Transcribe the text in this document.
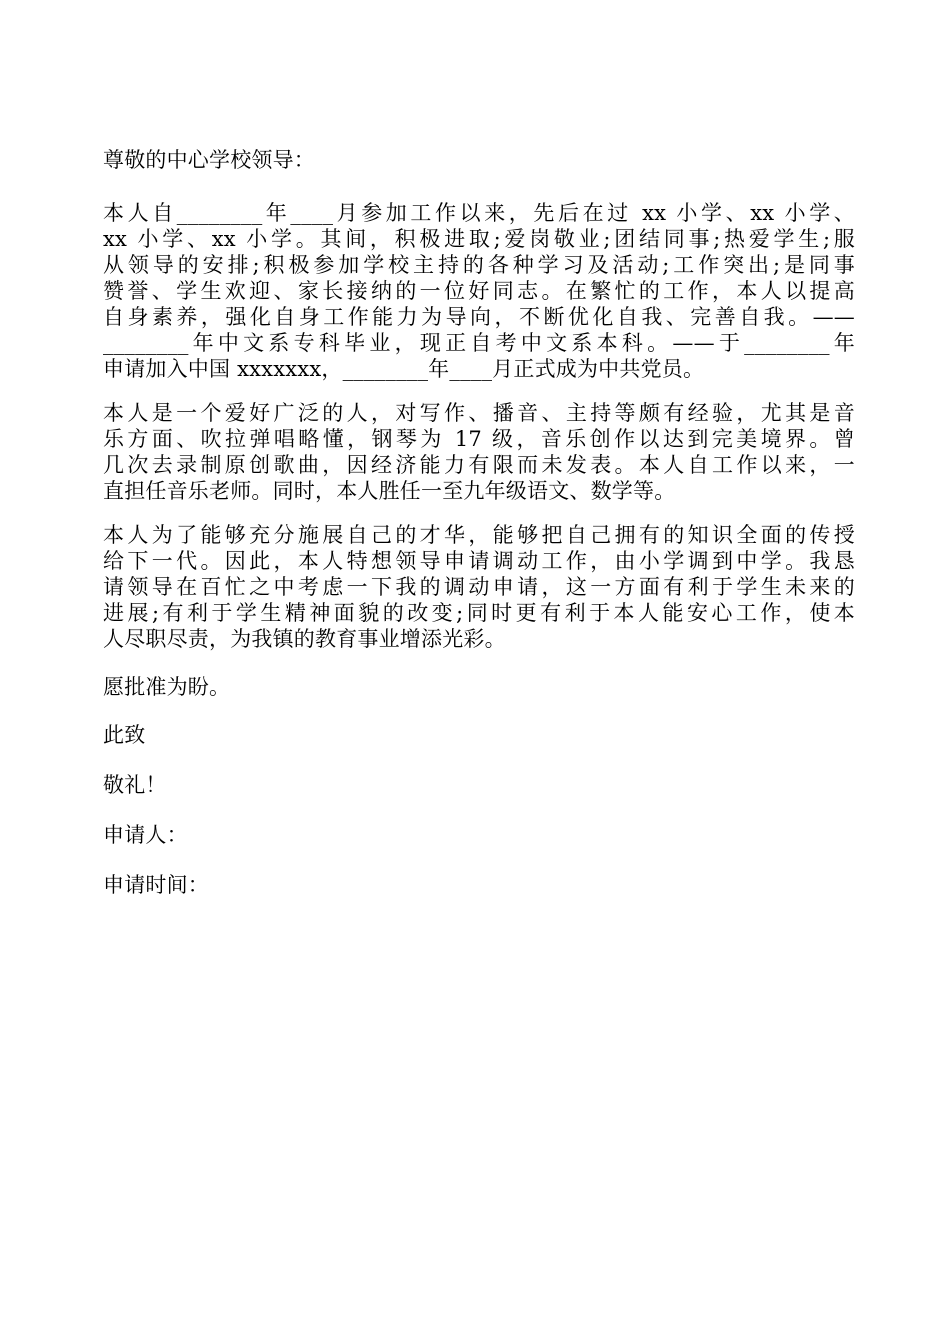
尊敬的中心学校领导：

本人自________年____月参加工作以来，先后在过 xx 小学、xx 小学、
xx 小学、xx 小学。其间，积极进取;爱岗敬业;团结同事;热爱学生;服
从领导的安排;积极参加学校主持的各种学习及活动;工作突出;是同事
赞誉、学生欢迎、家长接纳的一位好同志。在繁忙的工作，本人以提高
自身素养，强化自身工作能力为导向，不断优化自我、完善自我。——
________年中文系专科毕业，现正自考中文系本科。——于________年
申请加入中国 xxxxxxx，________年____月正式成为中共党员。
本人是一个爱好广泛的人，对写作、播音、主持等颇有经验，尤其是音
乐方面、吹拉弹唱略懂，钢琴为 17 级，音乐创作以达到完美境界。曾
几次去录制原创歌曲，因经济能力有限而未发表。本人自工作以来，一
直担任音乐老师。同时，本人胜任一至九年级语文、数学等。
本人为了能够充分施展自己的才华，能够把自己拥有的知识全面的传授
给下一代。因此，本人特想领导申请调动工作，由小学调到中学。我恳
请领导在百忙之中考虑一下我的调动申请，这一方面有利于学生未来的
进展;有利于学生精神面貌的改变;同时更有利于本人能安心工作，使本
人尽职尽责，为我镇的教育事业增添光彩。

愿批准为盼。

此致

敬礼！

申请人：

申请时间：
